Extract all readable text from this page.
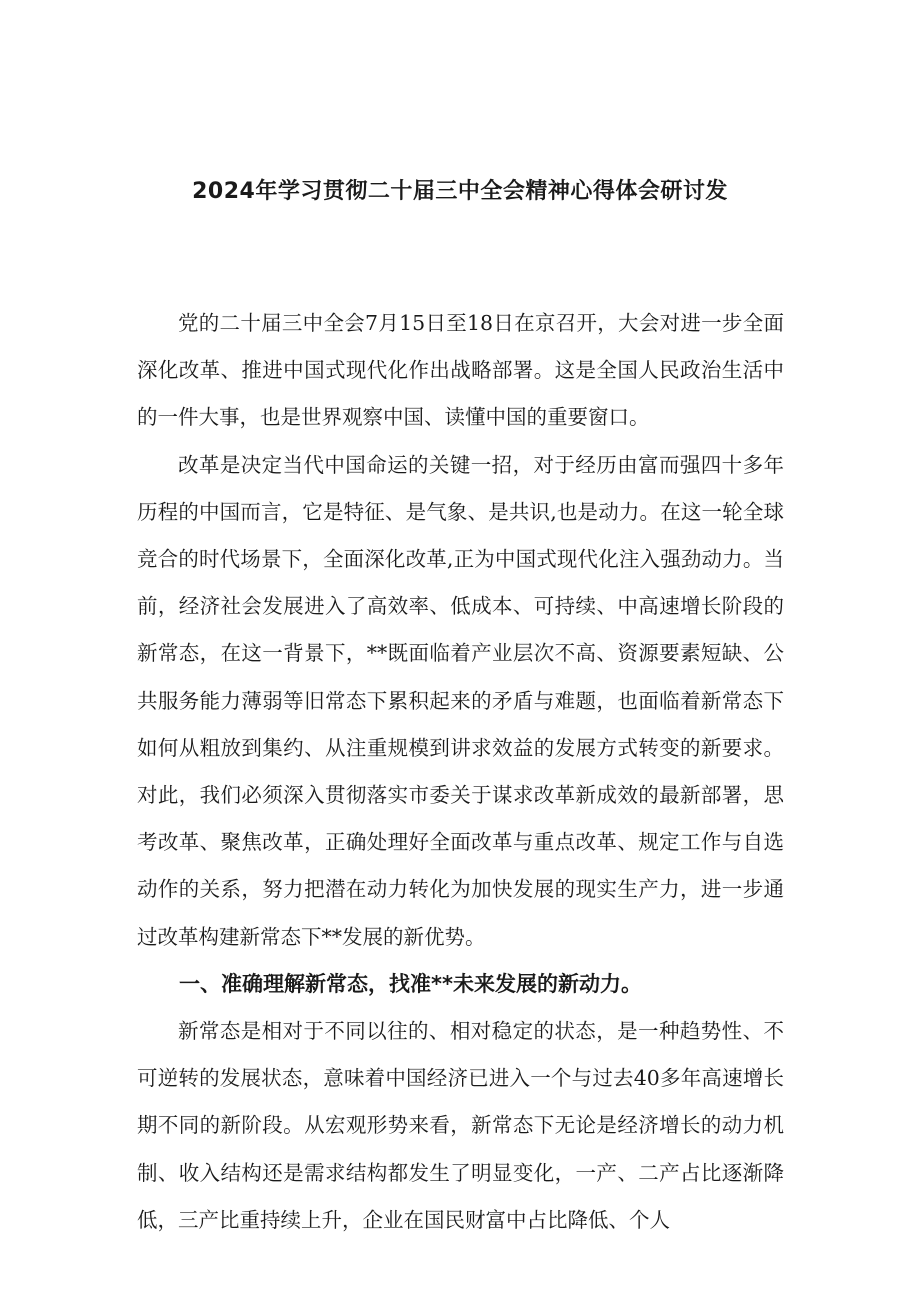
2024年学习贯彻二十届三中全会精神心得体会研讨发

党的二十届三中全会7月15日至18日在京召开，大会对进一步全面深化改革、推进中国式现代化作出战略部署。这是全国人民政治生活中的一件大事，也是世界观察中国、读懂中国的重要窗口。

改革是决定当代中国命运的关键一招，对于经历由富而强四十多年历程的中国而言，它是特征、是气象、是共识,也是动力。在这一轮全球竞合的时代场景下，全面深化改革,正为中国式现代化注入强劲动力。当前，经济社会发展进入了高效率、低成本、可持续、中高速增长阶段的新常态，在这一背景下，**既面临着产业层次不高、资源要素短缺、公共服务能力薄弱等旧常态下累积起来的矛盾与难题，也面临着新常态下如何从粗放到集约、从注重规模到讲求效益的发展方式转变的新要求。对此，我们必须深入贯彻落实市委关于谋求改革新成效的最新部署，思考改革、聚焦改革，正确处理好全面改革与重点改革、规定工作与自选动作的关系，努力把潜在动力转化为加快发展的现实生产力，进一步通过改革构建新常态下**发展的新优势。

一、准确理解新常态，找准**未来发展的新动力。

新常态是相对于不同以往的、相对稳定的状态，是一种趋势性、不可逆转的发展状态，意味着中国经济已进入一个与过去40多年高速增长期不同的新阶段。从宏观形势来看，新常态下无论是经济增长的动力机制、收入结构还是需求结构都发生了明显变化，一产、二产占比逐渐降低，三产比重持续上升，企业在国民财富中占比降低、个人
